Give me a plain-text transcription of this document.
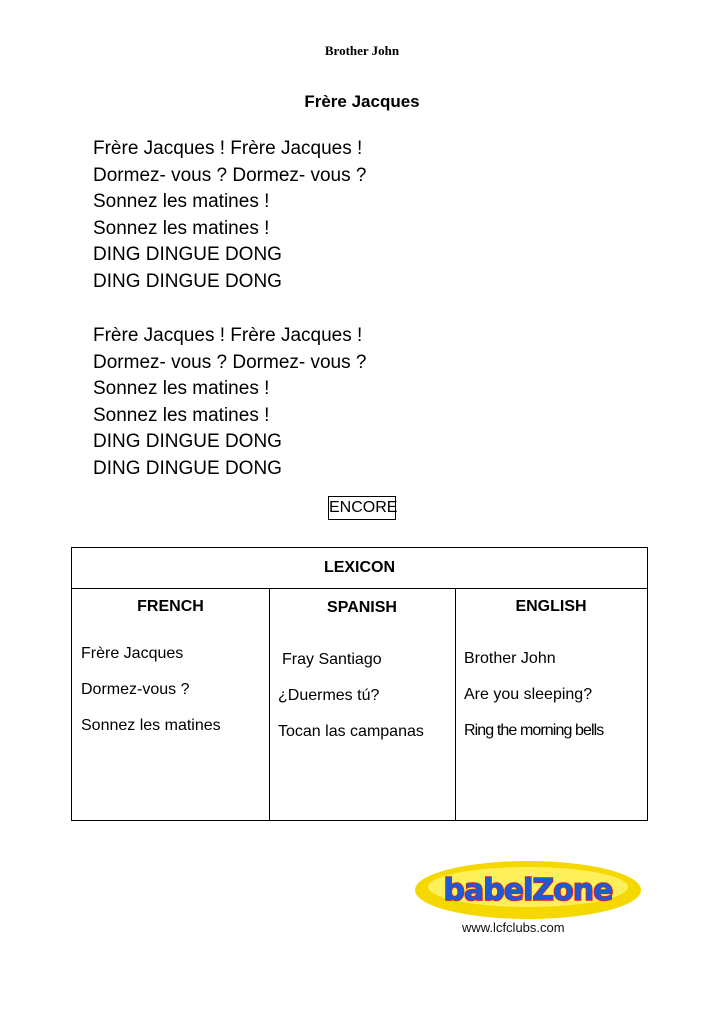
Brother John
Frère Jacques
Frère Jacques ! Frère Jacques !
Dormez- vous ? Dormez- vous ?
Sonnez les matines !
Sonnez les matines !
DING DINGUE DONG
DING DINGUE DONG
Frère Jacques ! Frère Jacques !
Dormez- vous ? Dormez- vous ?
Sonnez les matines !
Sonnez les matines !
DING DINGUE DONG
DING DINGUE DONG
ENCORE
LEXICON
FRENCH
Frère Jacques
Dormez-vous ?
Sonnez les matines
SPANISH
Fray Santiago
¿Duermes tú?
Tocan las campanas
ENGLISH
Brother John
Are you sleeping?
Ring the morning bells
babelZone
www.lcfclubs.com
